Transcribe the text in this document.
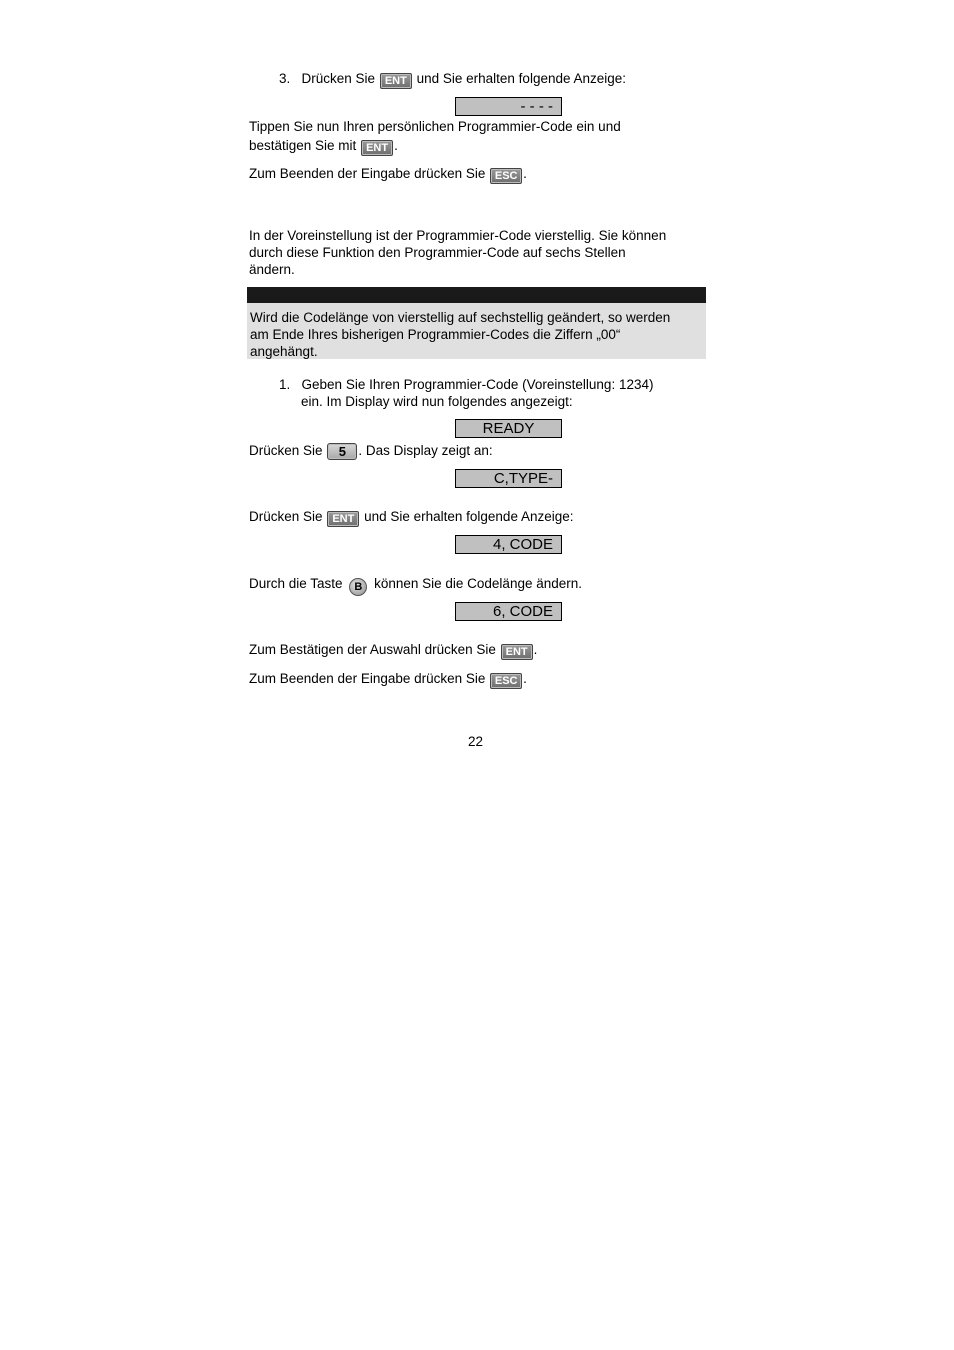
3. Drücken Sie ENT und Sie erhalten folgende Anzeige:
- - - -
Tippen Sie nun Ihren persönlichen Programmier-Code ein und
bestätigen Sie mit ENT .
Zum Beenden der Eingabe drücken Sie ESC .
In der Voreinstellung ist der Programmier-Code vierstellig. Sie können
durch diese Funktion den Programmier-Code auf sechs Stellen
ändern.
Wird die Codelänge von vierstellig auf sechstellig geändert, so werden
am Ende Ihres bisherigen Programmier-Codes die Ziffern „00“
angehängt.
1. Geben Sie Ihren Programmier-Code (Voreinstellung: 1234)
ein. Im Display wird nun folgendes angezeigt:
READY
Drücken Sie 5 . Das Display zeigt an:
C,TYPE-
Drücken Sie ENT und Sie erhalten folgende Anzeige:
4, CODE
Durch die Taste B können Sie die Codelänge ändern.
6, CODE
Zum Bestätigen der Auswahl drücken Sie ENT .
Zum Beenden der Eingabe drücken Sie ESC .
22
